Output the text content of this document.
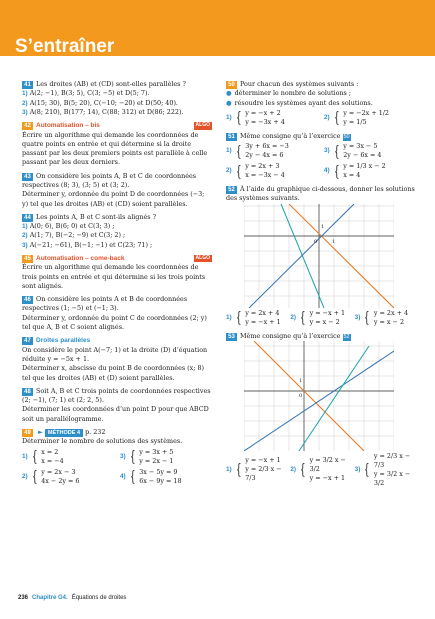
S’entraîner
41 Les droites (AB) et (CD) sont-elles parallèles ?
1) A(2; −1), B(3; 5), C(3; −5) et D(5; 7).
2) A(15; 30), B(5; 20), C(−10; −20) et D(50; 40).
3) A(8; 210), B(177; 14), C(88; 312) et D(86; 222).
42 Automatisation – bis	ALGO
Écrire un algorithme qui demande les coordonnées de quatre points en entrée et qui détermine si la droite passant par les deux premiers points est parallèle à celle passant par les deux derniers.
43 On considère les points A, B et C de coordonnées respectives (8; 3), (3; 5) et (3; 2).
Déterminer y, ordonnée du point D de coordonnées (−3; y) tel que les droites (AB) et (CD) soient parallèles.
44 Les points A, B et C sont-ils alignés ?
1) A(0; 6), B(6; 0) et C(3; 3) ;
2) A(1; 7), B(−2; −9) et C(3; 2) ;
3) A(−21; −61), B(−1; −1) et C(23; 71) ;
45 Automatisation – come-back	ALGO
Écrire un algorithme qui demande les coordonnées de trois points en entrée et qui détermine si les trois points sont alignés.
46 On considère les points A et B de coordonnées respectives (1; −5) et (−1; 3).
Déterminer y, ordonnée du point C de coordonnées (2; y) tel que A, B et C soient alignés.
47 Droites parallèles
On considère le point A(−7; 1) et la droite (D) d’équation réduite y = −5x + 1.
Déterminer x, abscisse du point B de coordonnées (x; 8) tel que les droites (AB) et (D) soient parallèles.
48 Soit A, B et C trois points de coordonnées respectives (2; −1), (7; 1) et (2; 2, 5).
Déterminer les coordonnées d’un point D pour que ABCD soit un parallélogramme.
49 ► MÉTHODE 4 p. 232
Déterminer le nombre de solutions des systèmes.
1) { x = 2
x = −4
3) { y = 3x + 5
y = 2x − 1
2) { y = 2x − 3
4x − 2y = 6
4) { 3x − 5y = 9
6x − 9y = 18
50 Pour chacun des systèmes suivants :
● déterminer le nombre de solutions ;
● résoudre les systèmes ayant des solutions.
1) { y = −x + 2
y = −3x + 4
2) { y = −2x + 1/2
y = 1/5
51 Même consigne qu’à l’exercice 50
1) { 3y + 6x = −3
2y − 4x = 6
3) { y = 3x − 5
2y − 6x = 4
2) { y = 2x + 3
x = −3x − 4
4) { y = 1/3 x − 2
x = 4
52 À l’aide du graphique ci-dessous, donner les solutions des systèmes suivants.
0	1
1
1) { y = 2x + 4
y = −x + 1
2) { y = −x + 1
y = x − 2
3) { y = 2x + 4
y = x − 2
53 Même consigne qu’à l’exercice 52
0
1
1) { y = −x + 1
y = 2/3 x − 7/3
2) { y = 3/2 x − 3/2
y = −x + 1
3) {
y = 2/3 x − 7/3
y = 3/2 x − 3/2
236 Chapitre G4. Équations de droites
